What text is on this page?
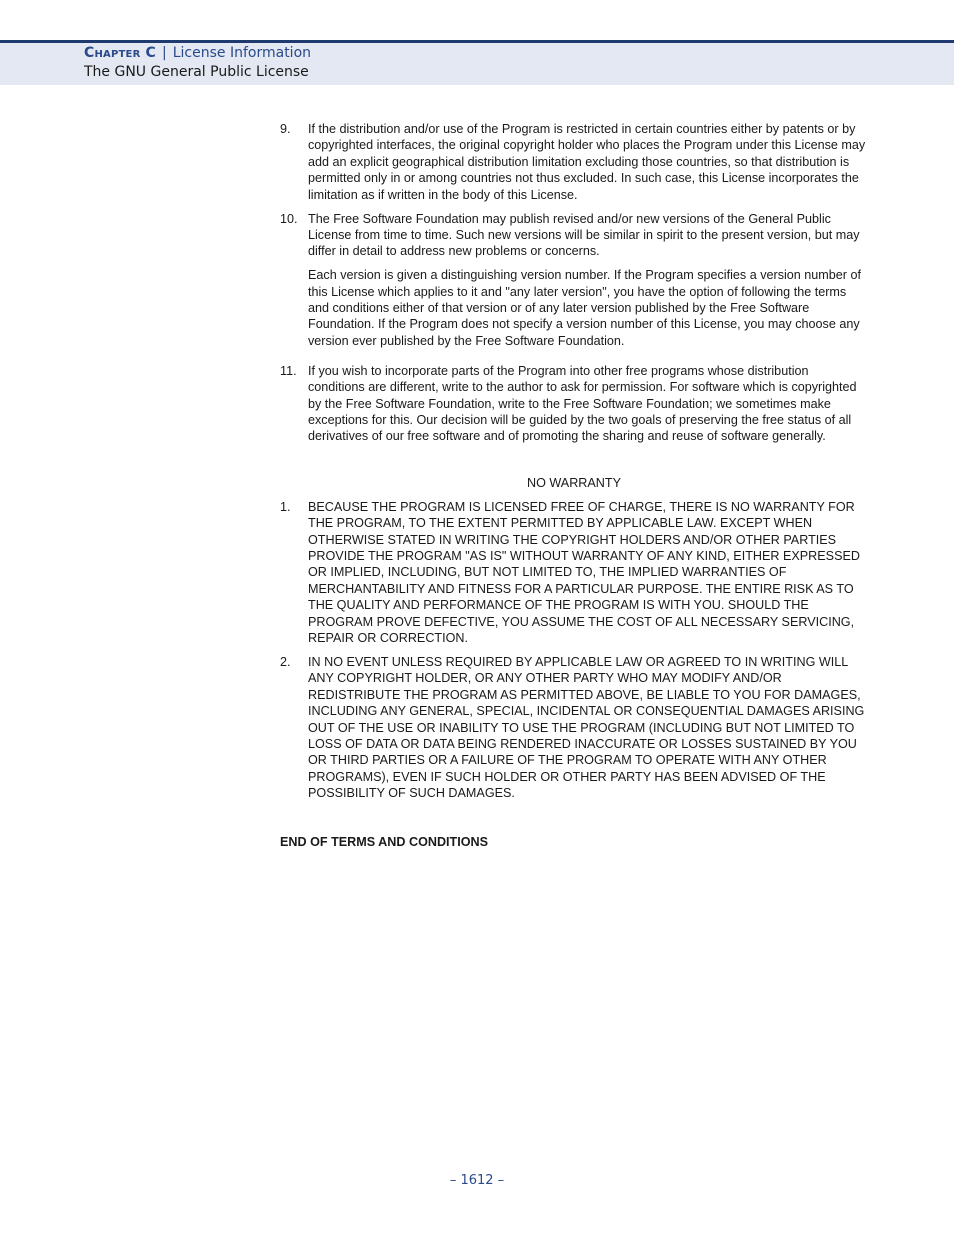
Chapter C | License Information
The GNU General Public License
9. If the distribution and/or use of the Program is restricted in certain countries either by patents or by copyrighted interfaces, the original copyright holder who places the Program under this License may add an explicit geographical distribution limitation excluding those countries, so that distribution is permitted only in or among countries not thus excluded. In such case, this License incorporates the limitation as if written in the body of this License.

10. The Free Software Foundation may publish revised and/or new versions of the General Public License from time to time. Such new versions will be similar in spirit to the present version, but may differ in detail to address new problems or concerns.

Each version is given a distinguishing version number. If the Program specifies a version number of this License which applies to it and "any later version", you have the option of following the terms and conditions either of that version or of any later version published by the Free Software Foundation. If the Program does not specify a version number of this License, you may choose any version ever published by the Free Software Foundation.

11. If you wish to incorporate parts of the Program into other free programs whose distribution conditions are different, write to the author to ask for permission. For software which is copyrighted by the Free Software Foundation, write to the Free Software Foundation; we sometimes make exceptions for this. Our decision will be guided by the two goals of preserving the free status of all derivatives of our free software and of promoting the sharing and reuse of software generally.

NO WARRANTY
1. BECAUSE THE PROGRAM IS LICENSED FREE OF CHARGE, THERE IS NO WARRANTY FOR THE PROGRAM, TO THE EXTENT PERMITTED BY APPLICABLE LAW. EXCEPT WHEN OTHERWISE STATED IN WRITING THE COPYRIGHT HOLDERS AND/OR OTHER PARTIES PROVIDE THE PROGRAM "AS IS" WITHOUT WARRANTY OF ANY KIND, EITHER EXPRESSED OR IMPLIED, INCLUDING, BUT NOT LIMITED TO, THE IMPLIED WARRANTIES OF MERCHANTABILITY AND FITNESS FOR A PARTICULAR PURPOSE. THE ENTIRE RISK AS TO THE QUALITY AND PERFORMANCE OF THE PROGRAM IS WITH YOU. SHOULD THE PROGRAM PROVE DEFECTIVE, YOU ASSUME THE COST OF ALL NECESSARY SERVICING, REPAIR OR CORRECTION.

2. IN NO EVENT UNLESS REQUIRED BY APPLICABLE LAW OR AGREED TO IN WRITING WILL ANY COPYRIGHT HOLDER, OR ANY OTHER PARTY WHO MAY MODIFY AND/OR REDISTRIBUTE THE PROGRAM AS PERMITTED ABOVE, BE LIABLE TO YOU FOR DAMAGES, INCLUDING ANY GENERAL, SPECIAL, INCIDENTAL OR CONSEQUENTIAL DAMAGES ARISING OUT OF THE USE OR INABILITY TO USE THE PROGRAM (INCLUDING BUT NOT LIMITED TO LOSS OF DATA OR DATA BEING RENDERED INACCURATE OR LOSSES SUSTAINED BY YOU OR THIRD PARTIES OR A FAILURE OF THE PROGRAM TO OPERATE WITH ANY OTHER PROGRAMS), EVEN IF SUCH HOLDER OR OTHER PARTY HAS BEEN ADVISED OF THE POSSIBILITY OF SUCH DAMAGES.

END OF TERMS AND CONDITIONS
– 1612 –
